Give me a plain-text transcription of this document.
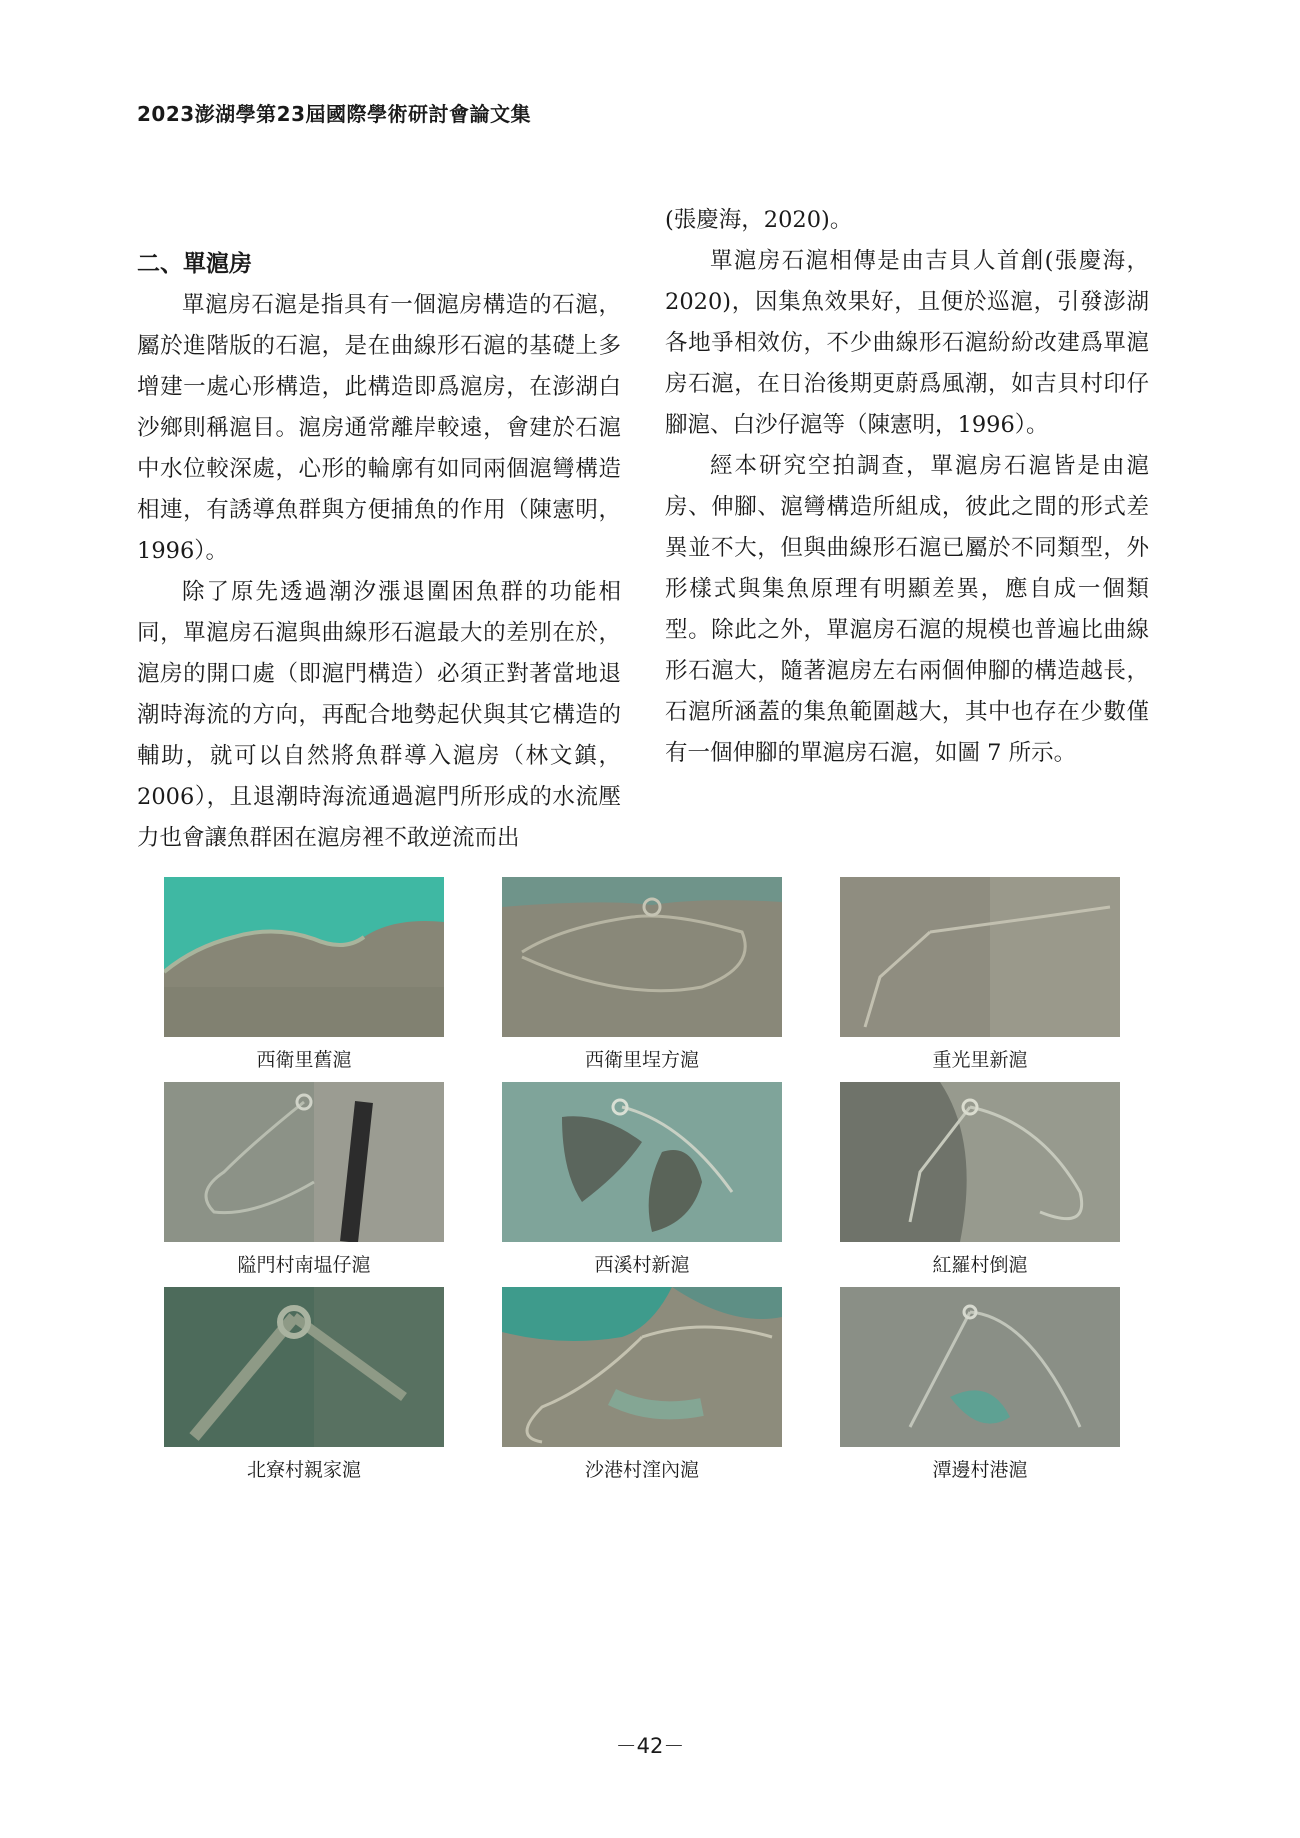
2023澎湖學第23屆國際學術研討會論文集
二、單滬房

單滬房石滬是指具有一個滬房構造的石滬，屬於進階版的石滬，是在曲線形石滬的基礎上多增建一處心形構造，此構造即爲滬房，在澎湖白沙鄉則稱滬目。滬房通常離岸較遠，會建於石滬中水位較深處，心形的輪廓有如同兩個滬彎構造相連，有誘導魚群與方便捕魚的作用（陳憲明，1996）。

除了原先透過潮汐漲退圍困魚群的功能相同，單滬房石滬與曲線形石滬最大的差別在於，滬房的開口處（即滬門構造）必須正對著當地退潮時海流的方向，再配合地勢起伏與其它構造的輔助，就可以自然將魚群導入滬房（林文鎮，2006），且退潮時海流通過滬門所形成的水流壓力也會讓魚群困在滬房裡不敢逆流而出

(張慶海，2020)。

單滬房石滬相傳是由吉貝人首創(張慶海，2020)，因集魚效果好，且便於巡滬，引發澎湖各地爭相效仿，不少曲線形石滬紛紛改建爲單滬房石滬，在日治後期更蔚爲風潮，如吉貝村印仔腳滬、白沙仔滬等（陳憲明，1996）。

經本研究空拍調查，單滬房石滬皆是由滬房、伸腳、滬彎構造所組成，彼此之間的形式差異並不大，但與曲線形石滬已屬於不同類型，外形樣式與集魚原理有明顯差異，應自成一個類型。除此之外，單滬房石滬的規模也普遍比曲線形石滬大，隨著滬房左右兩個伸腳的構造越長，石滬所涵蓋的集魚範圍越大，其中也存在少數僅有一個伸腳的單滬房石滬，如圖 7 所示。

西衛里舊滬	西衛里埕方滬	重光里新滬
隘門村南塭仔滬	西溪村新滬	紅羅村倒滬
北寮村親家滬	沙港村漥內滬	潭邊村港滬
－42－
